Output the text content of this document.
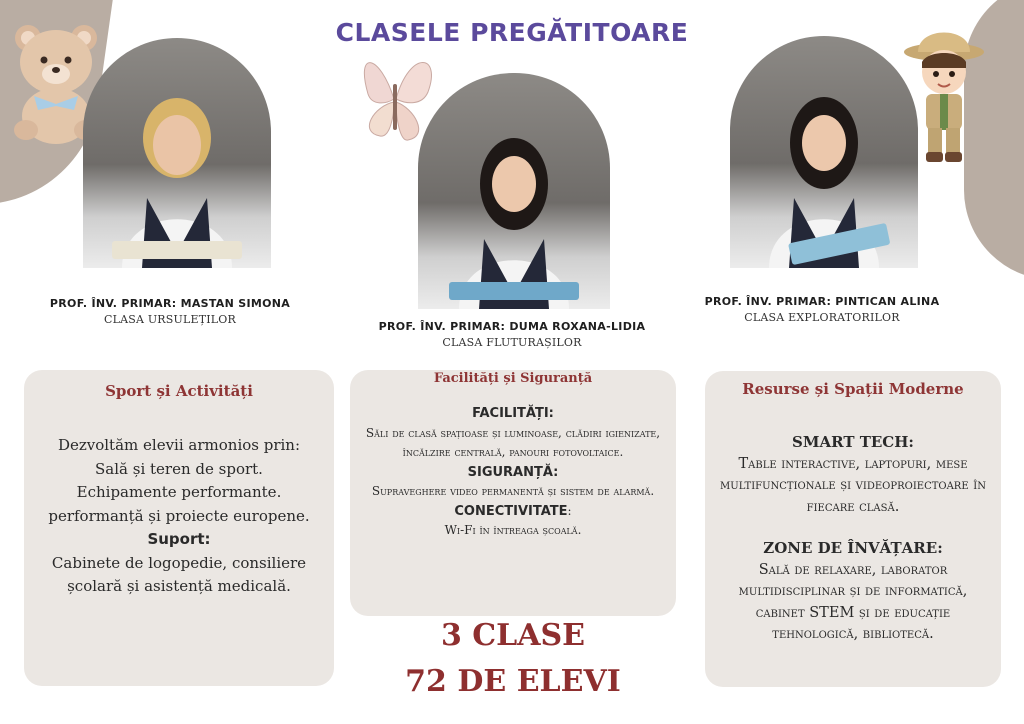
CLASELE PREGĂTITOARE
PROF. ÎNV. PRIMAR: MASTAN SIMONA
CLASA URSULEȚILOR
PROF. ÎNV. PRIMAR: DUMA ROXANA-LIDIA
CLASA FLUTURAȘILOR
PROF. ÎNV. PRIMAR: PINTICAN ALINA
CLASA EXPLORATORILOR
Sport și Activități
Dezvoltăm elevii armonios prin:
Sală și teren de sport.
Echipamente performante.
performanță și proiecte europene.
Suport:
Cabinete de logopedie, consiliere școlară și asistență medicală.
Facilități și Siguranță
FACILITĂȚI:
Săli de clasă spațioase și luminoase, clădiri igienizate, încălzire centrală, panouri fotovoltaice.
SIGURANȚĂ:
Supraveghere video permanentă și sistem de alarmă.
CONECTIVITATE:
Wi-Fi în întreaga școală.
Resurse și Spații Moderne
SMART TECH:
Table interactive, laptopuri, mese multifuncționale și videoproiectoare în fiecare clasă.
ZONE DE ÎNVĂȚARE:
Sală de relaxare, laborator multidisciplinar și de informatică, cabinet STEM și de educație tehnologică, bibliotecă.
3 CLASE
72 DE ELEVI
